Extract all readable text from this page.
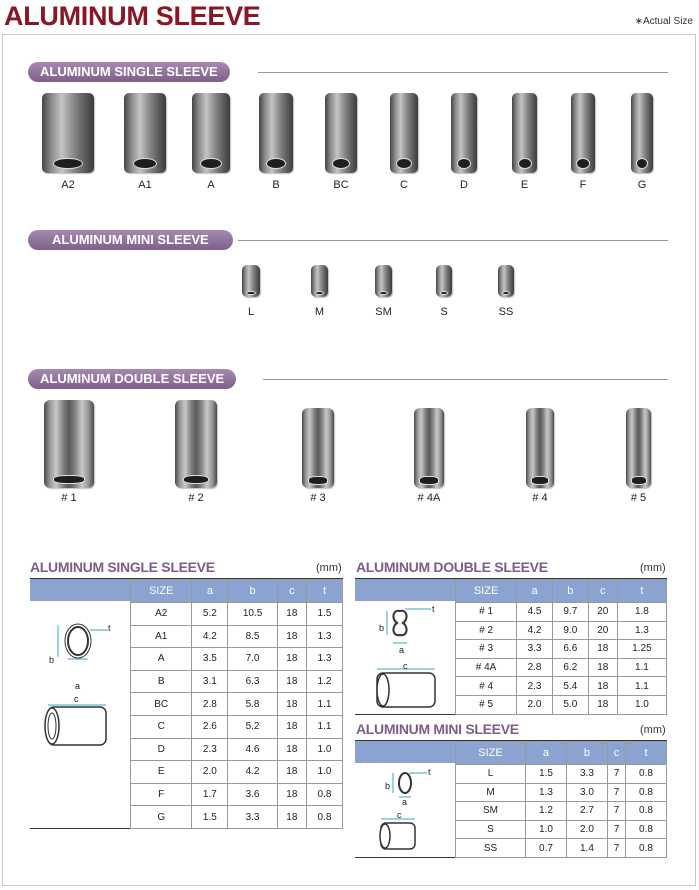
ALUMINUM SLEEVE	∗Actual Size
ALUMINUM SINGLE SLEEVE
ALUMINUM MINI SLEEVE
ALUMINUM DOUBLE SLEEVE
A2	A1	A	B	BC	C	D	E	F	G
L	M	SM	S	SS
# 1	# 2	# 3	# 4A	# 4	# 5
ALUMINUM SINGLE SLEEVE	(mm)
t
b
a
c
SIZE	a	b	c	t
A2	5.2	10.5	18	1.5
A1	4.2	8.5	18	1.3
A	3.5	7.0	18	1.3
B	3.1	6.3	18	1.2
BC	2.8	5.8	18	1.1
C	2.6	5.2	18	1.1
D	2.3	4.6	18	1.0
E	2.0	4.2	18	1.0
F	1.7	3.6	18	0.8
G	1.5	3.3	18	0.8
ALUMINUM DOUBLE SLEEVE	(mm)
t
b
a
c
SIZE	a	b	c	t
# 1	4.5	9.7	20	1.8
# 2	4.2	9.0	20	1.3
# 3	3.3	6.6	18	1.25
# 4A	2.8	6.2	18	1.1
# 4	2.3	5.4	18	1.1
# 5	2.0	5.0	18	1.0
ALUMINUM MINI SLEEVE	(mm)
t
b
a
c
SIZE	a	b	c	t
L	1.5	3.3	7	0.8
M	1.3	3.0	7	0.8
SM	1.2	2.7	7	0.8
S	1.0	2.0	7	0.8
SS	0.7	1.4	7	0.8
